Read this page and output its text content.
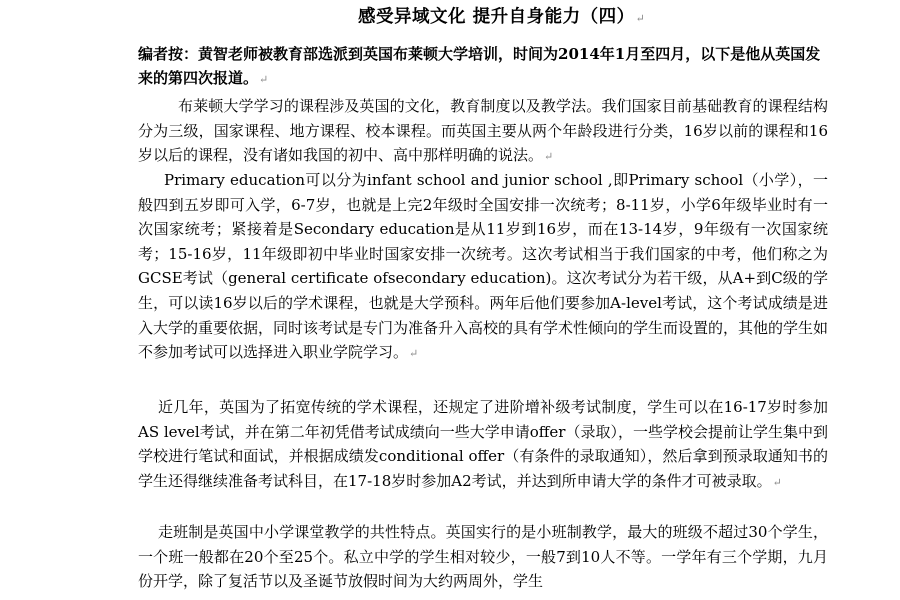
感受异域文化 提升自身能力（四）↵
编者按：黄智老师被教育部选派到英国布莱顿大学培训，时间为2014年1月至四月，以下是他从英国发来的第四次报道。↵
布莱顿大学学习的课程涉及英国的文化，教育制度以及教学法。我们国家目前基础教育的课程结构分为三级，国家课程、地方课程、校本课程。而英国主要从两个年龄段进行分类，16岁以前的课程和16岁以后的课程，没有诸如我国的初中、高中那样明确的说法。↵
Primary education可以分为infant school and junior school ,即Primary school（小学），一般四到五岁即可入学，6-7岁，也就是上完2年级时全国安排一次统考；8-11岁，小学6年级毕业时有一次国家统考；紧接着是Secondary education是从11岁到16岁，而在13-14岁，9年级有一次国家统考；15-16岁，11年级即初中毕业时国家安排一次统考。这次考试相当于我们国家的中考，他们称之为GCSE考试（general certificate ofsecondary education)。这次考试分为若干级，从A+到C级的学生，可以读16岁以后的学术课程，也就是大学预科。两年后他们要参加A-level考试，这个考试成绩是进入大学的重要依据，同时该考试是专门为准备升入高校的具有学术性倾向的学生而设置的，其他的学生如不参加考试可以选择进入职业学院学习。↵
近几年，英国为了拓宽传统的学术课程，还规定了进阶增补级考试制度，学生可以在16-17岁时参加AS level考试，并在第二年初凭借考试成绩向一些大学申请offer（录取），一些学校会提前让学生集中到学校进行笔试和面试，并根据成绩发conditional offer（有条件的录取通知），然后拿到预录取通知书的学生还得继续准备考试科目，在17-18岁时参加A2考试，并达到所申请大学的条件才可被录取。↵
走班制是英国中小学课堂教学的共性特点。英国实行的是小班制教学，最大的班级不超过30个学生，一个班一般都在20个至25个。私立中学的学生相对较少，一般7到10人不等。一学年有三个学期，九月份开学，除了复活节以及圣诞节放假时间为大约两周外，学生
